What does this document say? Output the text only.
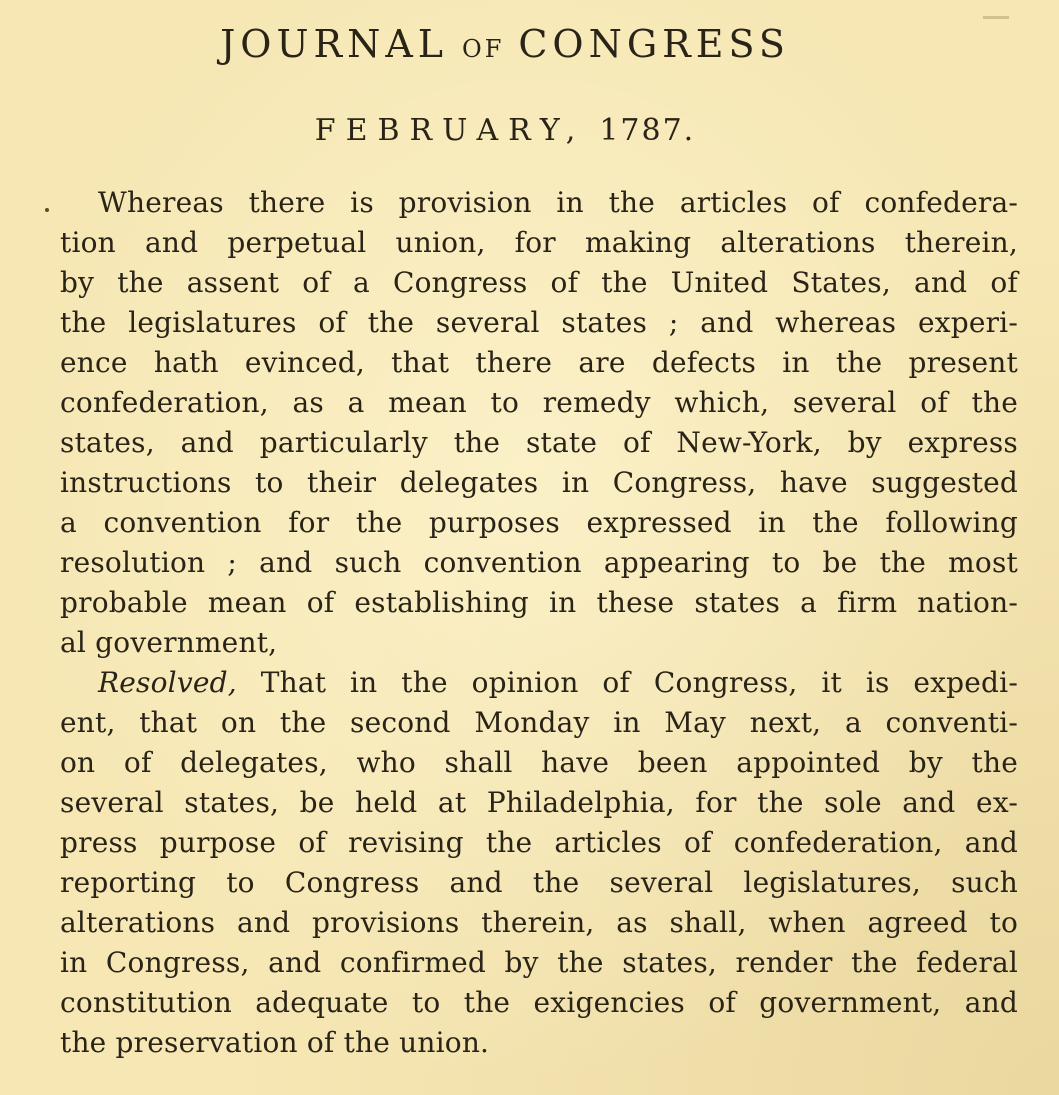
JOURNAL OF CONGRESS
FEBRUARY, 1787.
Whereas there is provision in the articles of confedera-
tion and perpetual union, for making alterations therein,
by the assent of a Congress of the United States, and of
the legislatures of the several states ; and whereas experi-
ence hath evinced, that there are defects in the present
confederation, as a mean to remedy which, several of the
states, and particularly the state of New-York, by express
instructions to their delegates in Congress, have suggested
a convention for the purposes expressed in the following
resolution ; and such convention appearing to be the most
probable mean of establishing in these states a firm nation-
al government,
Resolved, That in the opinion of Congress, it is expedi-
ent, that on the second Monday in May next, a conventi-
on of delegates, who shall have been appointed by the
several states, be held at Philadelphia, for the sole and ex-
press purpose of revising the articles of confederation, and
reporting to Congress and the several legislatures, such
alterations and provisions therein, as shall, when agreed to
in Congress, and confirmed by the states, render the federal
constitution adequate to the exigencies of government, and
the preservation of the union.
